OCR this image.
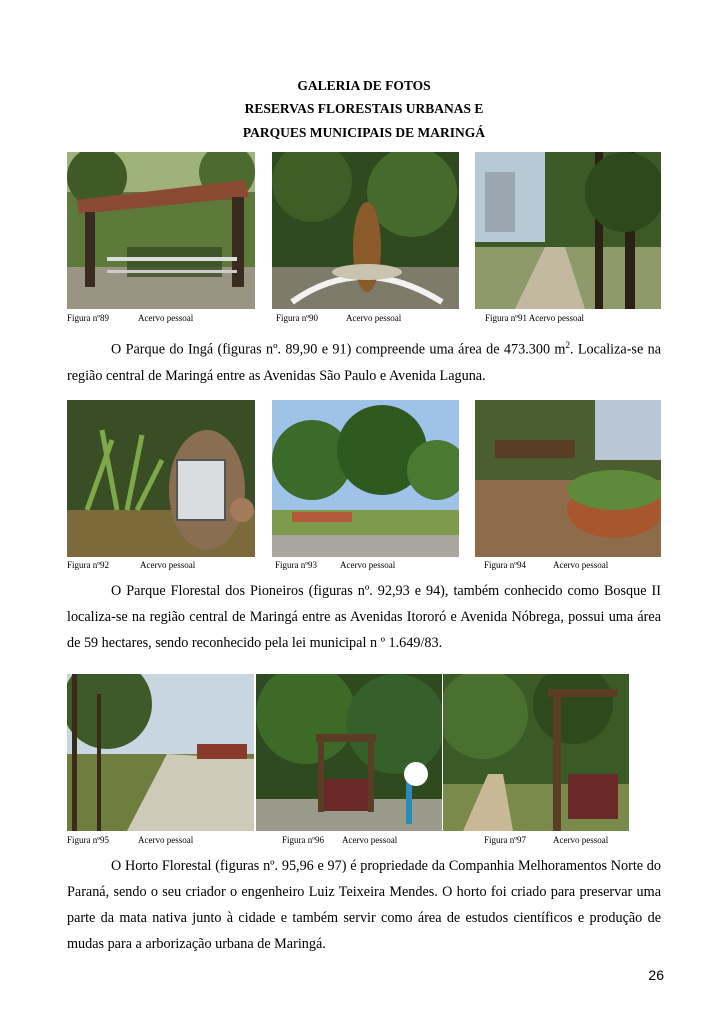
GALERIA DE FOTOS
RESERVAS FLORESTAIS URBANAS E
PARQUES MUNICIPAIS DE MARINGÁ
Figura nº89	Acervo pessoal	Figura nº90	Acervo pessoal	Figura nº91 Acervo pessoal

O Parque do Ingá (figuras nº. 89,90 e 91) compreende uma área de 473.300 $m^2$. Localiza-se na região central de Maringá entre as Avenidas São Paulo e Avenida Laguna.

Figura nº92	Acervo pessoal	Figura nº93	Acervo pessoal	Figura nº94	Acervo pessoal

O Parque Florestal dos Pioneiros (figuras nº. 92,93 e 94), também conhecido como Bosque II localiza-se na região central de Maringá entre as Avenidas Itororó e Avenida Nóbrega, possui uma área de 59 hectares, sendo reconhecido pela lei municipal n º 1.649/83.

Figura nº95	Acervo pessoal	Figura nº96 Acervo pessoal	Figura nº97	Acervo pessoal

O Horto Florestal (figuras nº. 95,96 e 97) é propriedade da Companhia Melhoramentos Norte do Paraná, sendo o seu criador o engenheiro Luiz Teixeira Mendes. O horto foi criado para preservar uma parte da mata nativa junto à cidade e também servir como área de estudos científicos e produção de mudas para a arborização urbana de Maringá.

26
